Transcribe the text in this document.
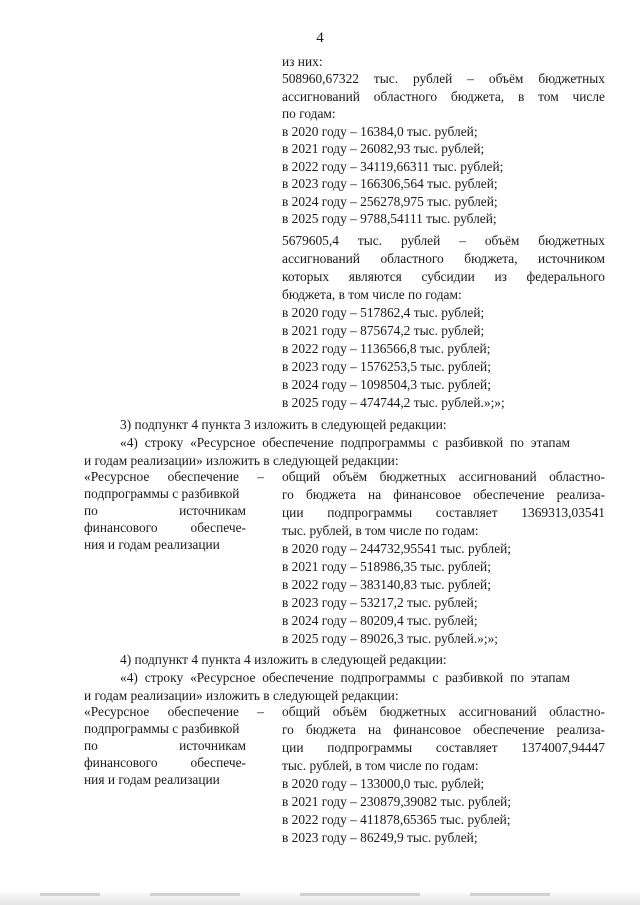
4
из них:
508960,67322 тыс. рублей – объём бюджетных
ассигнований областного бюджета, в том числе
по годам:
в 2020 году – 16384,0 тыс. рублей;
в 2021 году – 26082,93 тыс. рублей;
в 2022 году – 34119,66311 тыс. рублей;
в 2023 году – 166306,564 тыс. рублей;
в 2024 году – 256278,975 тыс. рублей;
в 2025 году – 9788,54111 тыс. рублей;
5679605,4 тыс. рублей – объём бюджетных
ассигнований областного бюджета, источником
которых являются субсидии из федерального
бюджета, в том числе по годам:
в 2020 году – 517862,4 тыс. рублей;
в 2021 году – 875674,2 тыс. рублей;
в 2022 году – 1136566,8 тыс. рублей;
в 2023 году – 1576253,5 тыс. рублей;
в 2024 году – 1098504,3 тыс. рублей;
в 2025 году – 474744,2 тыс. рублей.»;»;
3) подпункт 4 пункта 3 изложить в следующей редакции:
«4) строку «Ресурсное обеспечение подпрограммы с разбивкой по этапам
и годам реализации» изложить в следующей редакции:
«Ресурсное обеспечение –
подпрограммы с разбивкой
по источникам
финансового обеспече-
ния и годам реализации
общий объём бюджетных ассигнований областно-
го бюджета на финансовое обеспечение реализа-
ции подпрограммы составляет 1369313,03541
тыс. рублей, в том числе по годам:
в 2020 году – 244732,95541 тыс. рублей;
в 2021 году – 518986,35 тыс. рублей;
в 2022 году – 383140,83 тыс. рублей;
в 2023 году – 53217,2 тыс. рублей;
в 2024 году – 80209,4 тыс. рублей;
в 2025 году – 89026,3 тыс. рублей.»;»;
4) подпункт 4 пункта 4 изложить в следующей редакции:
«4) строку «Ресурсное обеспечение подпрограммы с разбивкой по этапам
и годам реализации» изложить в следующей редакции:
«Ресурсное обеспечение –
подпрограммы с разбивкой
по источникам
финансового обеспече-
ния и годам реализации
общий объём бюджетных ассигнований областно-
го бюджета на финансовое обеспечение реализа-
ции подпрограммы составляет 1374007,94447
тыс. рублей, в том числе по годам:
в 2020 году – 133000,0 тыс. рублей;
в 2021 году – 230879,39082 тыс. рублей;
в 2022 году – 411878,65365 тыс. рублей;
в 2023 году – 86249,9 тыс. рублей;
